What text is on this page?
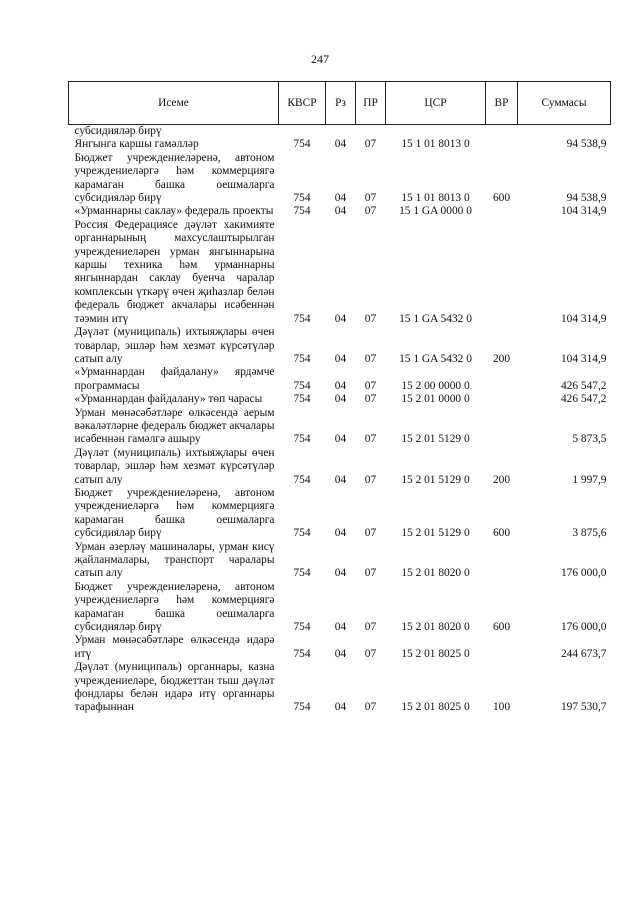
247
Исеме	КВСР	Рз	ПР	ЦСР	ВР	Суммасы
субсидияләр бирү						
Янгынга каршы гамәлләр	754	04	07	15 1 01 8013 0		94 538,9
Бюджет учреждениеләренә, автоном учреждениеләргә һәм коммерциягә карамаган башка оешмаларга субсидияләр бирү	754	04	07	15 1 01 8013 0	600	94 538,9
«Урманнарны саклау» федераль проекты	754	04	07	15 1 GA 0000 0		104 314,9
Россия Федерациясе дәүләт хакимияте органнарының махсуслаштырылган учреждениеләрен урман янгыннарына каршы техника һәм урманнарны янгыннардан саклау буенча чаралар комплексын үткәрү өчен җиһазлар белән федераль бюджет акчалары исәбеннән тәэмин итү	754	04	07	15 1 GA 5432 0		104 314,9
Дәүләт (муниципаль) ихтыяҗлары өчен товарлар, эшләр һәм хезмәт күрсәтүләр сатып алу	754	04	07	15 1 GA 5432 0	200	104 314,9
«Урманнардан файдалану» ярдәмче программасы	754	04	07	15 2 00 0000 0		426 547,2
«Урманнардан файдалану» төп чарасы	754	04	07	15 2 01 0000 0		426 547,2
Урман мөнәсәбәтләре өлкәсендә аерым вәкаләтләрне федераль бюджет акчалары исәбеннән гамәлгә ашыру	754	04	07	15 2 01 5129 0		5 873,5
Дәүләт (муниципаль) ихтыяҗлары өчен товарлар, эшләр һәм хезмәт күрсәтүләр сатып алу	754	04	07	15 2 01 5129 0	200	1 997,9
Бюджет учреждениеләренә, автоном учреждениеләргә һәм коммерциягә карамаган башка оешмаларга субсидияләр бирү	754	04	07	15 2 01 5129 0	600	3 875,6
Урман әзерләү машиналары, урман кисү җайланмалары, транспорт чаралары сатып алу	754	04	07	15 2 01 8020 0		176 000,0
Бюджет учреждениеләренә, автоном учреждениеләргә һәм коммерциягә карамаган башка оешмаларга субсидияләр бирү	754	04	07	15 2 01 8020 0	600	176 000,0
Урман мөнәсәбәтләре өлкәсендә идарә итү	754	04	07	15 2 01 8025 0		244 673,7
Дәүләт (муниципаль) органнары, казна учреждениеләре, бюджеттан тыш дәүләт фондлары белән идарә итү органнары тарафыннан	754	04	07	15 2 01 8025 0	100	197 530,7
